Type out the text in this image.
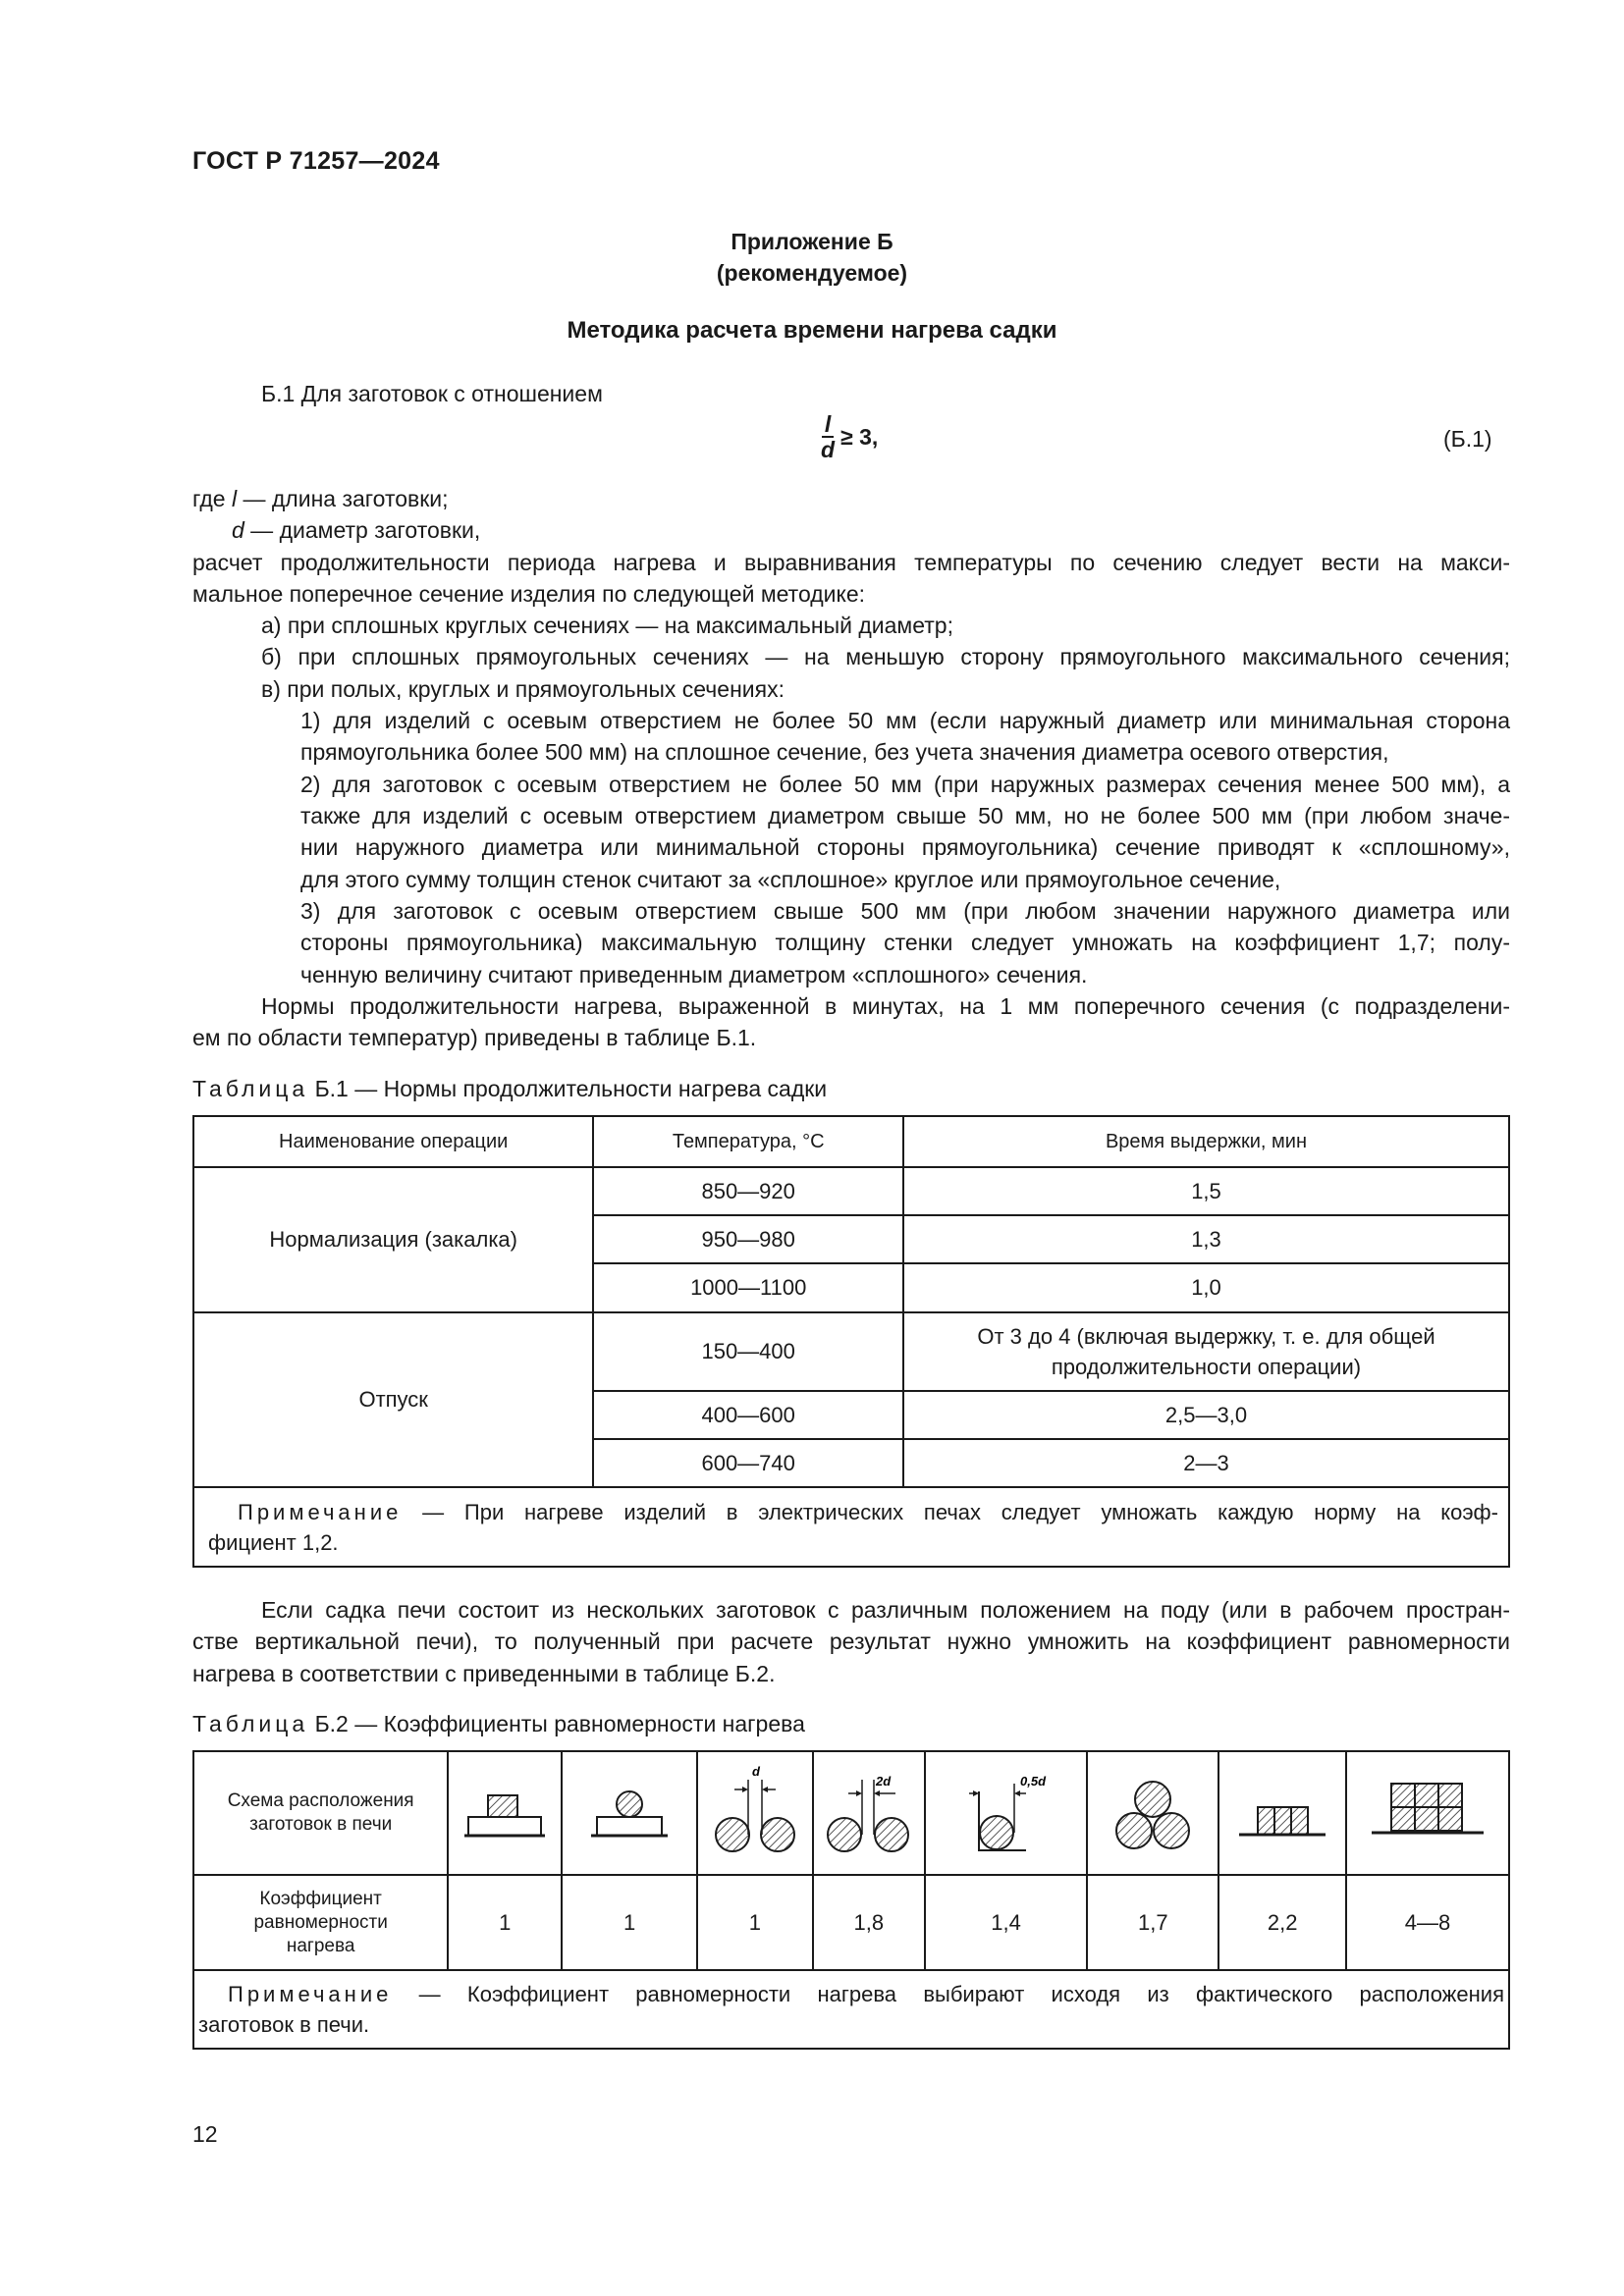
ГОСТ Р 71257—2024
Приложение Б
(рекомендуемое)
Методика расчета времени нагрева садки
Б.1 Для заготовок с отношением
$\frac{l}{d} \ge 3$,	(Б.1)
где l — длина заготовки;
d — диаметр заготовки,
расчет продолжительности периода нагрева и выравнивания температуры по сечению следует вести на макси-
мальное поперечное сечение изделия по следующей методике:
а) при сплошных круглых сечениях — на максимальный диаметр;
б) при сплошных прямоугольных сечениях — на меньшую сторону прямоугольного максимального сечения;
в) при полых, круглых и прямоугольных сечениях:
1) для изделий с осевым отверстием не более 50 мм (если наружный диаметр или минимальная сторона
прямоугольника более 500 мм) на сплошное сечение, без учета значения диаметра осевого отверстия,
2) для заготовок с осевым отверстием не более 50 мм (при наружных размерах сечения менее 500 мм), а
также для изделий с осевым отверстием диаметром свыше 50 мм, но не более 500 мм (при любом значе-
нии наружного диаметра или минимальной стороны прямоугольника) сечение приводят к «сплошному»,
для этого сумму толщин стенок считают за «сплошное» круглое или прямоугольное сечение,
3) для заготовок с осевым отверстием свыше 500 мм (при любом значении наружного диаметра или
стороны прямоугольника) максимальную толщину стенки следует умножать на коэффициент 1,7; полу-
ченную величину считают приведенным диаметром «сплошного» сечения.
Нормы продолжительности нагрева, выраженной в минутах, на 1 мм поперечного сечения (с подразделени-
ем по области температур) приведены в таблице Б.1.
Таблица Б.1 — Нормы продолжительности нагрева садки
Наименование операции	Температура, °С	Время выдержки, мин
Нормализация (закалка)	850—920	1,5
	950—980	1,3
	1000—1100	1,0
Отпуск	150—400	От 3 до 4 (включая выдержку, т. е. для общей
продолжительности операции)

	400—600	2,5—3,0
	600—740	2—3

Примечание — При нагреве изделий в электрических печах следует умножать каждую норму на коэф-
фициент 1,2.		
Если садка печи состоит из нескольких заготовок с различным положением на поду (или в рабочем простран-
стве вертикальной печи), то полученный при расчете результат нужно умножить на коэффициент равномерности
нагрева в соответствии с приведенными в таблице Б.2.
Таблица Б.2 — Коэффициенты равномерности нагрева
Схема расположения
заготовок в печи			d	2d	0,5d

Коэффициент
равномерности
нагрева	1	1	1	1,8	1,4	1,7	2,2	4—8

Примечание — Коэффициент равномерности нагрева выбирают исходя из фактического расположения
заготовок в печи.								
12
